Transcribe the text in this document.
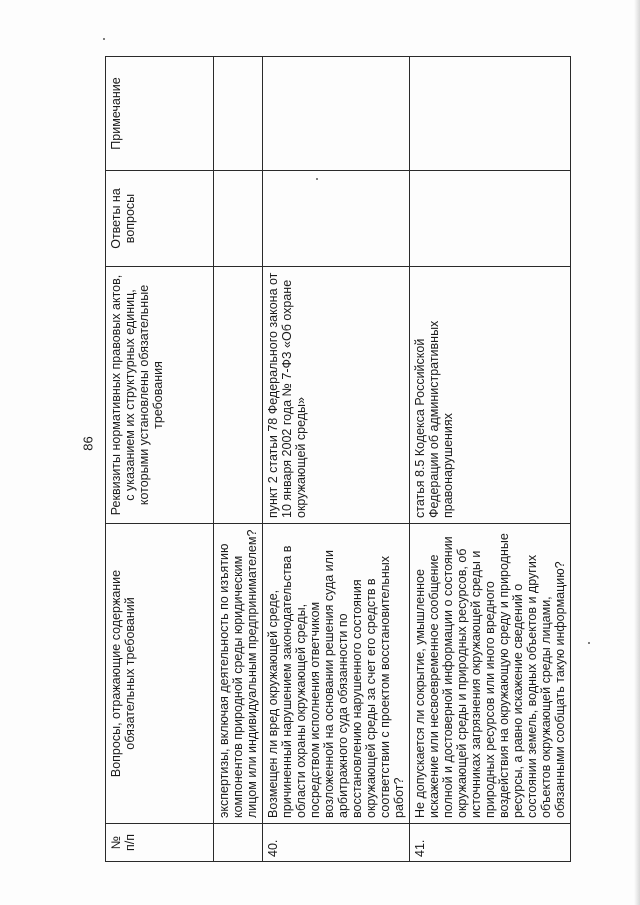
86
№ п/п	Вопросы, отражающие содержание обязательных требований	Реквизиты нормативных правовых актов, с указанием их структурных единиц, которыми установлены обязательные требования	Ответы на вопросы	Примечание
	экспертизы, включая деятельность по изъятию компонентов природной среды юридическим лицом или индивидуальным предпринимателем?			
40.	Возмещен ли вред окружающей среде, причиненный нарушением законодательства в области охраны окружающей среды, посредством исполнения ответчиком возложенной на основании решения суда или арбитражного суда обязанности по восстановлению нарушенного состояния окружающей среды за счет его средств в соответствии с проектом восстановительных работ?	пункт 2 статьи 78 Федерального закона от 10 января 2002 года № 7-ФЗ «Об охране окружающей среды»		
41.	Не допускается ли сокрытие, умышленное искажение или несвоевременное сообщение полной и достоверной информации о состоянии окружающей среды и природных ресурсов, об источниках загрязнения окружающей среды и природных ресурсов или иного вредного воздействия на окружающую среду и природные ресурсы, а равно искажение сведений о состоянии земель, водных объектов и других объектов окружающей среды лицами, обязанными сообщать такую информацию?	статья 8.5 Кодекса Российской Федерации об административных правонарушениях		
